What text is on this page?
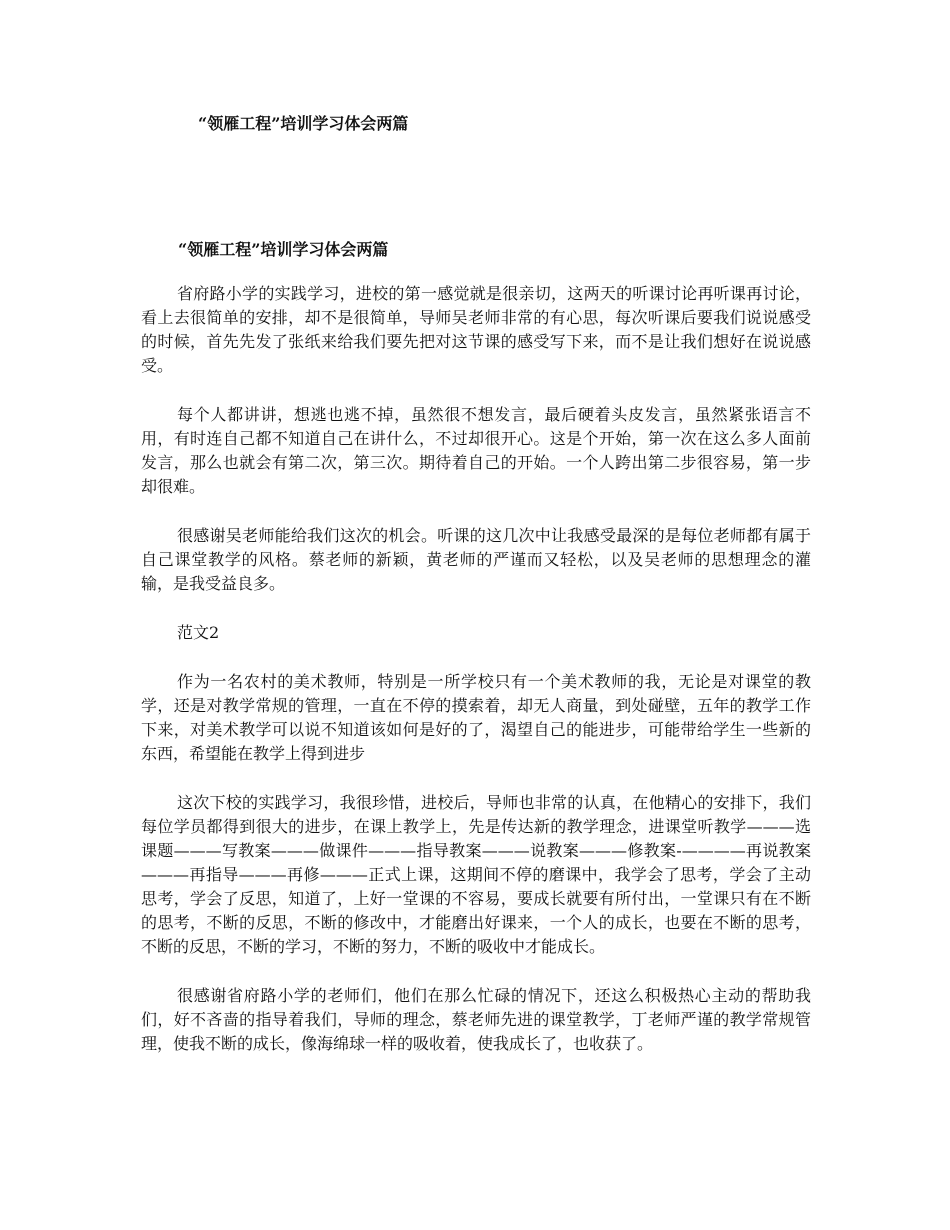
“领雁工程”培训学习体会两篇
“领雁工程”培训学习体会两篇

省府路小学的实践学习，进校的第一感觉就是很亲切，这两天的听课讨论再听课再讨论，看上去很简单的安排，却不是很简单，导师吴老师非常的有心思，每次听课后要我们说说感受的时候，首先先发了张纸来给我们要先把对这节课的感受写下来，而不是让我们想好在说说感受。

每个人都讲讲，想逃也逃不掉，虽然很不想发言，最后硬着头皮发言，虽然紧张语言不用，有时连自己都不知道自己在讲什么，不过却很开心。这是个开始，第一次在这么多人面前发言，那么也就会有第二次，第三次。期待着自己的开始。一个人跨出第二步很容易，第一步却很难。

很感谢吴老师能给我们这次的机会。听课的这几次中让我感受最深的是每位老师都有属于自己课堂教学的风格。蔡老师的新颖，黄老师的严谨而又轻松，以及吴老师的思想理念的灌输，是我受益良多。

范文2

作为一名农村的美术教师，特别是一所学校只有一个美术教师的我，无论是对课堂的教学，还是对教学常规的管理，一直在不停的摸索着，却无人商量，到处碰壁，五年的教学工作下来，对美术教学可以说不知道该如何是好的了，渴望自己的能进步，可能带给学生一些新的东西，希望能在教学上得到进步

这次下校的实践学习，我很珍惜，进校后，导师也非常的认真，在他精心的安排下，我们每位学员都得到很大的进步，在课上教学上，先是传达新的教学理念，进课堂听教学———选课题———写教案———做课件———指导教案———说教案———修教案-————再说教案———再指导———再修———正式上课，这期间不停的磨课中，我学会了思考，学会了主动思考，学会了反思，知道了，上好一堂课的不容易，要成长就要有所付出，一堂课只有在不断的思考，不断的反思，不断的修改中，才能磨出好课来，一个人的成长，也要在不断的思考，不断的反思，不断的学习，不断的努力，不断的吸收中才能成长。

很感谢省府路小学的老师们，他们在那么忙碌的情况下，还这么积极热心主动的帮助我们，好不吝啬的指导着我们，导师的理念，蔡老师先进的课堂教学，丁老师严谨的教学常规管理，使我不断的成长，像海绵球一样的吸收着，使我成长了，也收获了。
